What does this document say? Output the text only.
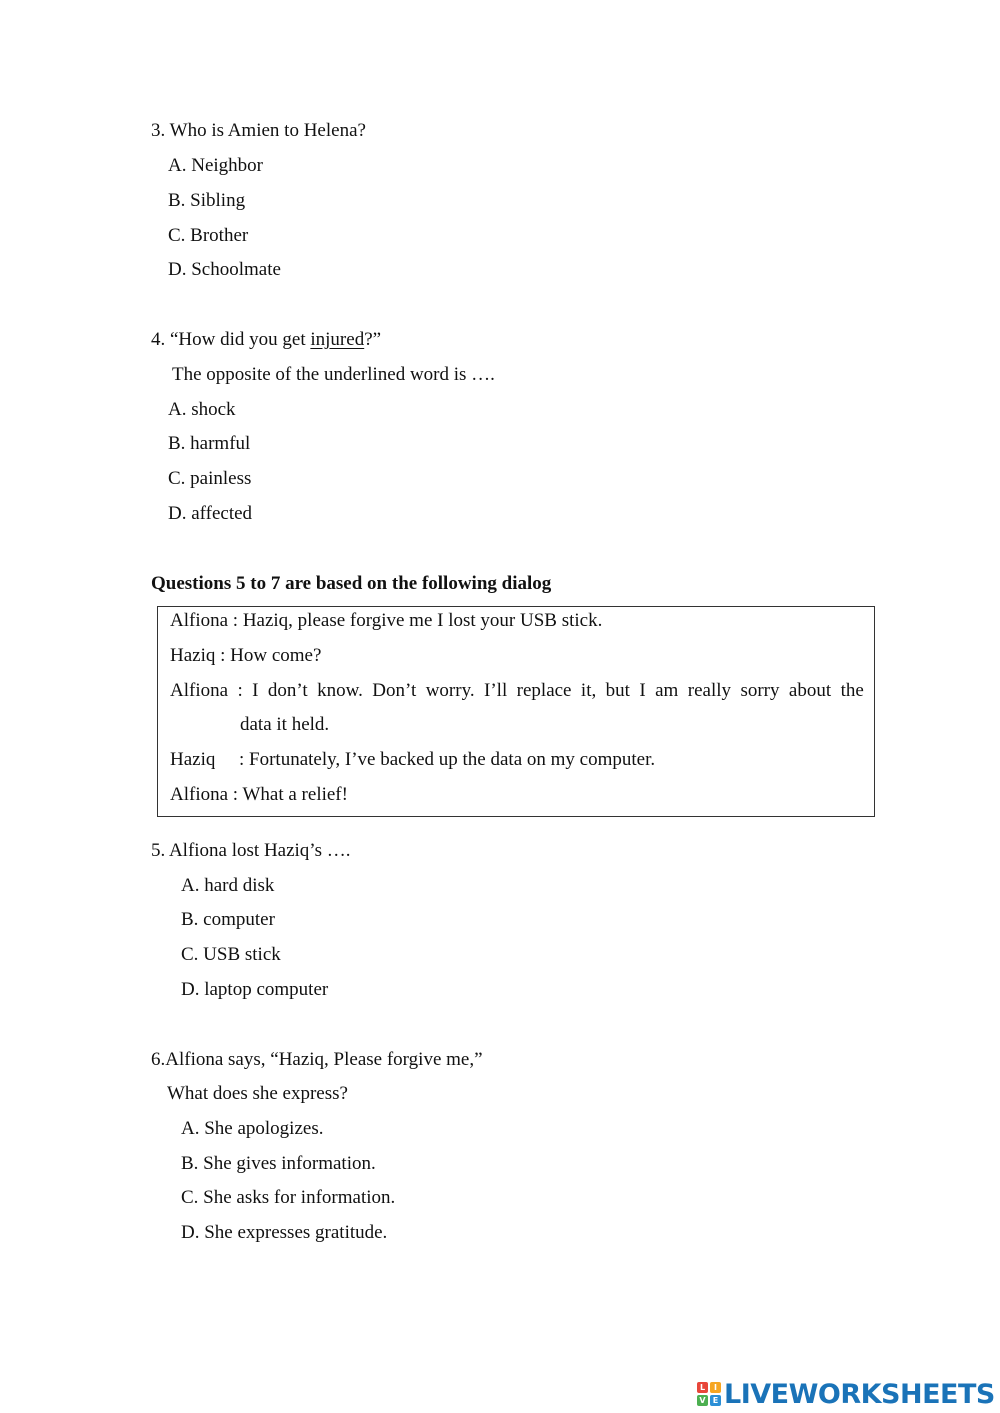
3. Who is Amien to Helena?
A. Neighbor
B. Sibling
C. Brother
D. Schoolmate
4. “How did you get injured?”
The opposite of the underlined word is ….
A. shock
B. harmful
C. painless
D. affected
Questions 5 to 7 are based on the following dialog
Alfiona : Haziq, please forgive me I lost your USB stick.
Haziq : How come?
Alfiona : I don’t know. Don’t worry. I’ll replace it, but I am really sorry about the
data it held.
Haziq : Fortunately, I’ve backed up the data on my computer.
Alfiona : What a relief!
5. Alfiona lost Haziq’s ….
A. hard disk
B. computer
C. USB stick
D. laptop computer
6.Alfiona says, “Haziq, Please forgive me,”
What does she express?
A. She apologizes.
B. She gives information.
C. She asks for information.
D. She expresses gratitude.
L	I
V E LIVEWORKSHEETS
